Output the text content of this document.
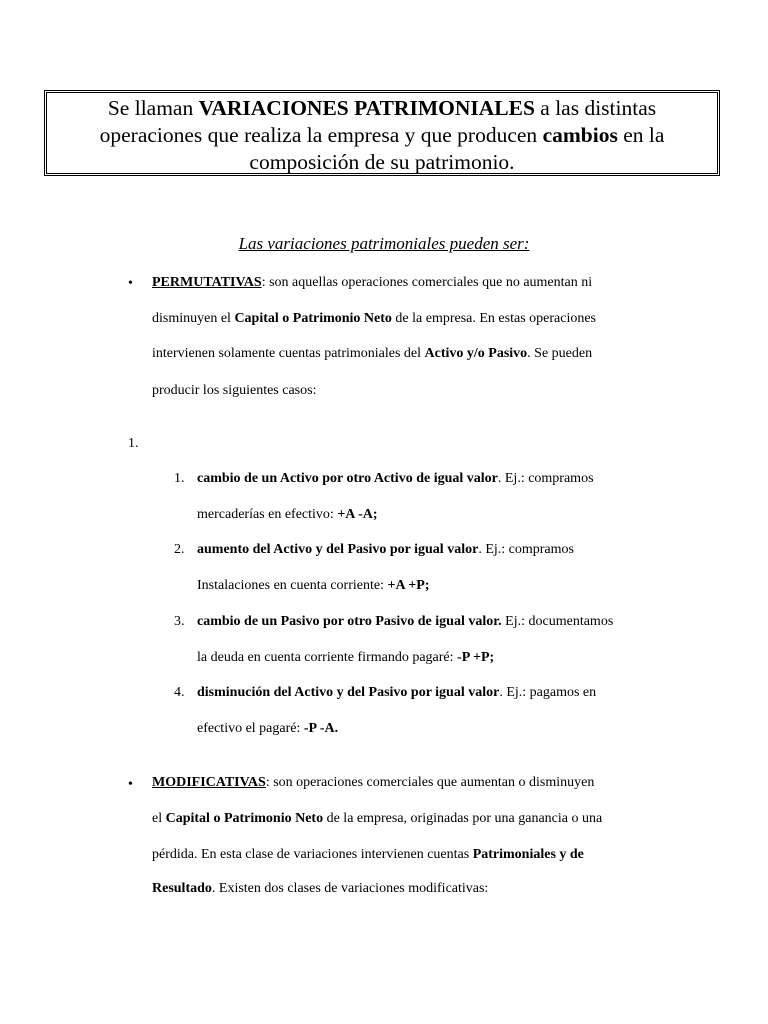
Se llaman VARIACIONES PATRIMONIALES a las distintas
operaciones que realiza la empresa y que producen cambios en la
composición de su patrimonio.
Las variaciones patrimoniales pueden ser:
• PERMUTATIVAS: son aquellas operaciones comerciales que no aumentan ni
disminuyen el Capital o Patrimonio Neto de la empresa. En estas operaciones
intervienen solamente cuentas patrimoniales del Activo y/o Pasivo. Se pueden
producir los siguientes casos:
1.
1. cambio de un Activo por otro Activo de igual valor. Ej.: compramos
mercaderías en efectivo: +A -A;
2. aumento del Activo y del Pasivo por igual valor. Ej.: compramos
Instalaciones en cuenta corriente: +A +P;
3. cambio de un Pasivo por otro Pasivo de igual valor. Ej.: documentamos
la deuda en cuenta corriente firmando pagaré: -P +P;
4. disminución del Activo y del Pasivo por igual valor. Ej.: pagamos en
efectivo el pagaré: -P -A.
• MODIFICATIVAS: son operaciones comerciales que aumentan o disminuyen
el Capital o Patrimonio Neto de la empresa, originadas por una ganancia o una
pérdida. En esta clase de variaciones intervienen cuentas Patrimoniales y de
Resultado. Existen dos clases de variaciones modificativas:
